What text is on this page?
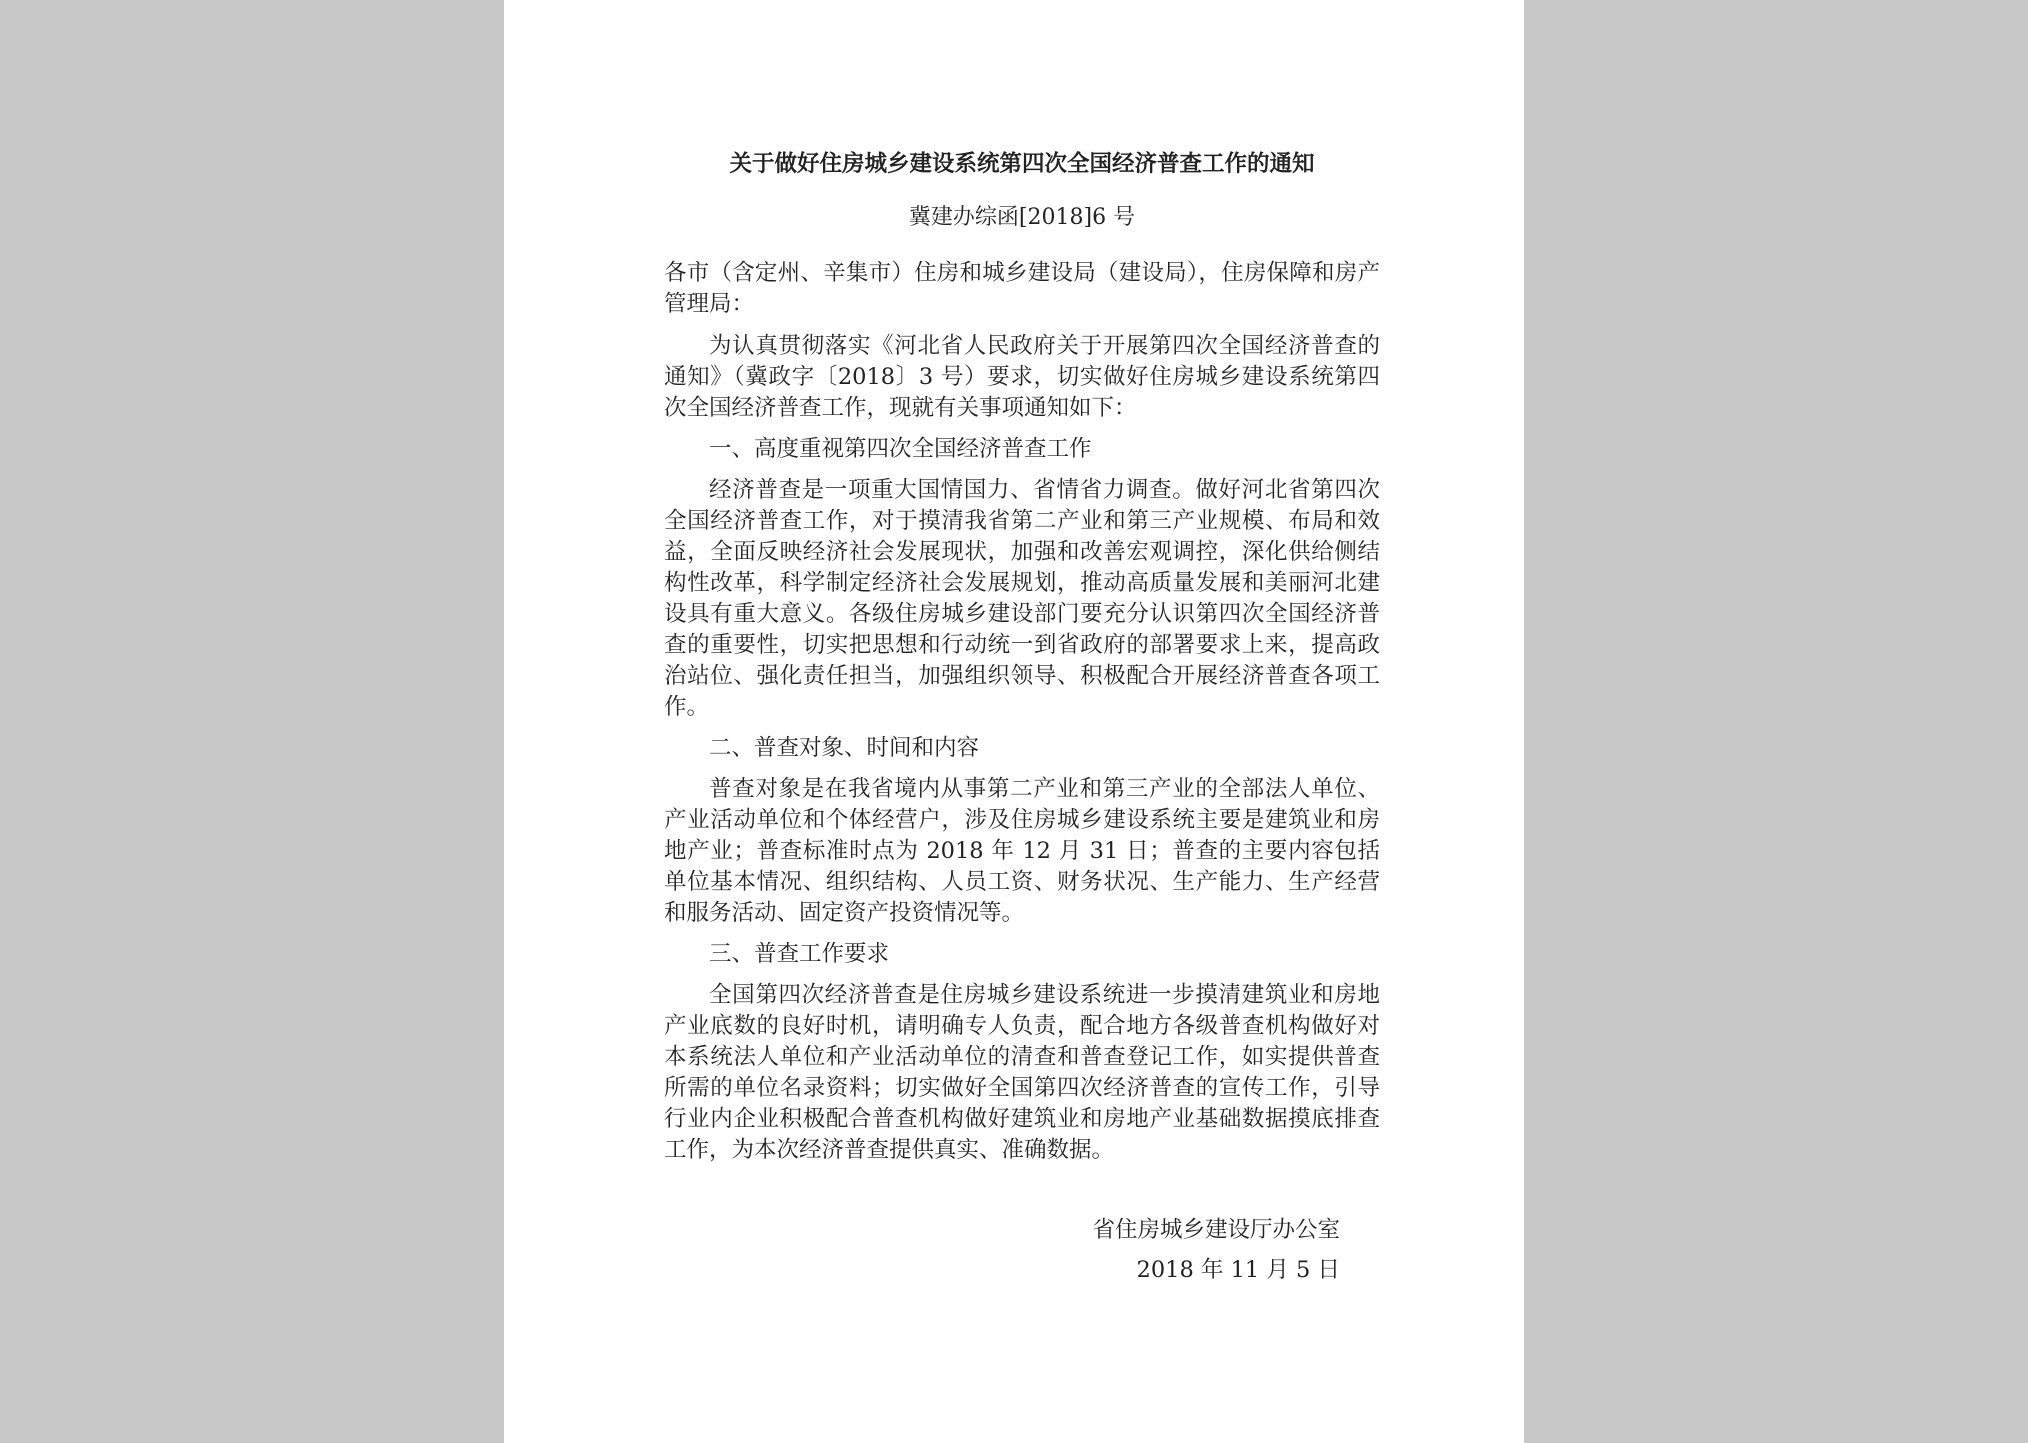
关于做好住房城乡建设系统第四次全国经济普查工作的通知
冀建办综函[2018]6 号

各市（含定州、辛集市）住房和城乡建设局（建设局），住房保障和房产管理局：

为认真贯彻落实《河北省人民政府关于开展第四次全国经济普查的通知》（冀政字〔2018〕3 号）要求，切实做好住房城乡建设系统第四次全国经济普查工作，现就有关事项通知如下：

一、高度重视第四次全国经济普查工作

经济普查是一项重大国情国力、省情省力调查。做好河北省第四次全国经济普查工作，对于摸清我省第二产业和第三产业规模、布局和效益，全面反映经济社会发展现状，加强和改善宏观调控，深化供给侧结构性改革，科学制定经济社会发展规划，推动高质量发展和美丽河北建设具有重大意义。各级住房城乡建设部门要充分认识第四次全国经济普查的重要性，切实把思想和行动统一到省政府的部署要求上来，提高政治站位、强化责任担当，加强组织领导、积极配合开展经济普查各项工作。

二、普查对象、时间和内容

普查对象是在我省境内从事第二产业和第三产业的全部法人单位、产业活动单位和个体经营户，涉及住房城乡建设系统主要是建筑业和房地产业；普查标准时点为 2018 年 12 月 31 日；普查的主要内容包括单位基本情况、组织结构、人员工资、财务状况、生产能力、生产经营和服务活动、固定资产投资情况等。

三、普查工作要求

全国第四次经济普查是住房城乡建设系统进一步摸清建筑业和房地产业底数的良好时机，请明确专人负责，配合地方各级普查机构做好对本系统法人单位和产业活动单位的清查和普查登记工作，如实提供普查所需的单位名录资料；切实做好全国第四次经济普查的宣传工作，引导行业内企业积极配合普查机构做好建筑业和房地产业基础数据摸底排查工作，为本次经济普查提供真实、准确数据。

省住房城乡建设厅办公室
2018 年 11 月 5 日
